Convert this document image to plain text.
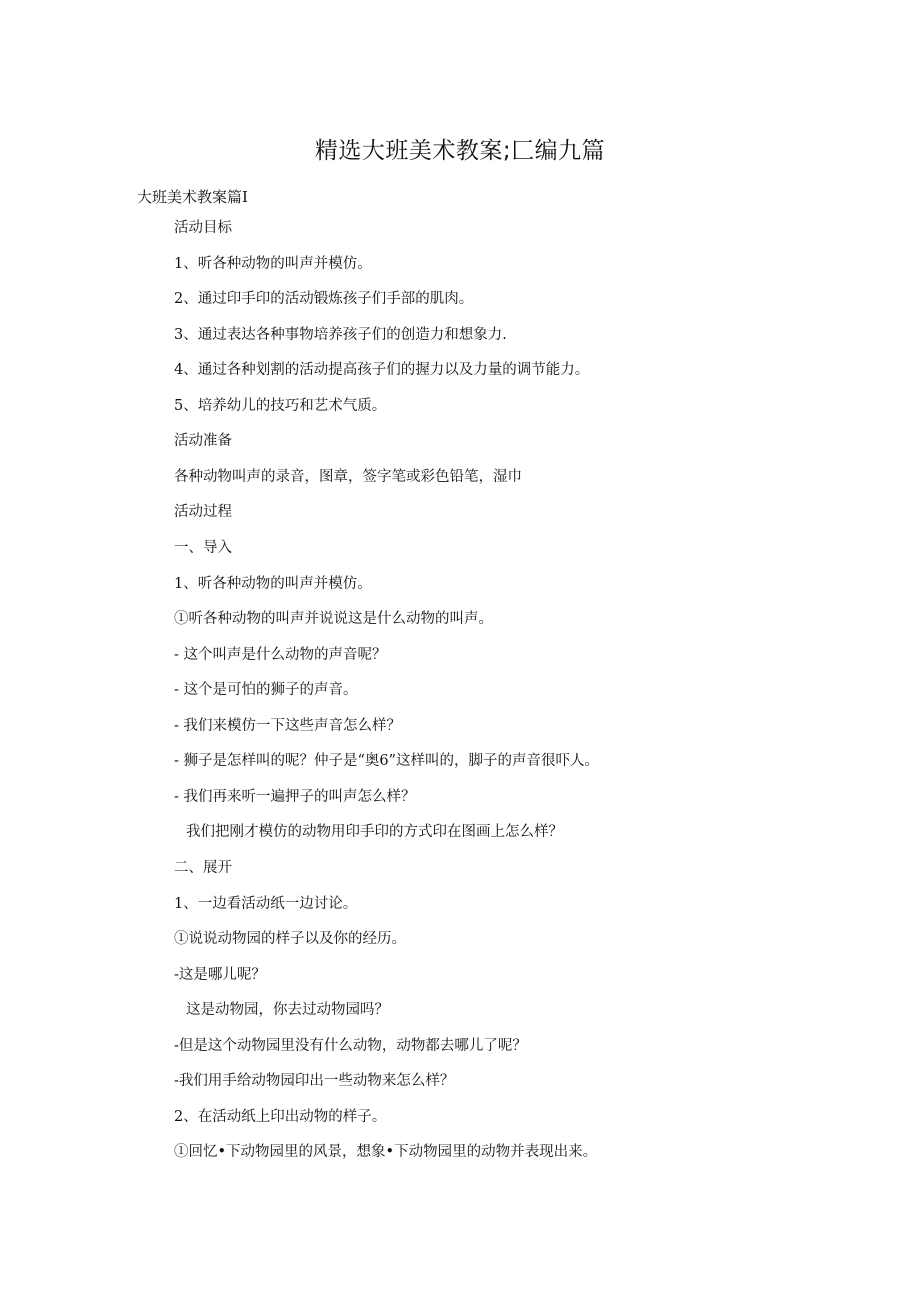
精选大班美术教案;匚编九篇
大班美术教案篇I
活动目标
1、听各种动物的叫声并模仿。
2、通过印手印的活动锻炼孩子们手部的肌肉。
3、通过表达各种事物培养孩子们的创造力和想象力.
4、通过各种划割的活动提高孩子们的握力以及力量的调节能力。
5、培养幼儿的技巧和艺术气质。
活动准备
各种动物叫声的录音，图章，签字笔或彩色铅笔，湿巾
活动过程
一、导入
1、听各种动物的叫声并模仿。
①听各种动物的叫声并说说这是什么动物的叫声。
- 这个叫声是什么动物的声音呢？
- 这个是可怕的狮子的声音。
- 我们来模仿一下这些声音怎么样？
- 狮子是怎样叫的呢？仲子是“奥6”这样叫的，脚子的声音很吓人。
- 我们再来听一遍押子的叫声怎么样？
我们把刚才模仿的动物用印手印的方式印在图画上怎么样？
二、展开
1、一边看活动纸一边讨论。
①说说动物园的样子以及你的经历。
-这是哪儿呢？
这是动物园，你去过动物园吗？
-但是这个动物园里没有什么动物，动物都去哪儿了呢？
-我们用手给动物园印出一些动物来怎么样？
2、在活动纸上印出动物的样子。
①回忆•下动物园里的风景，想象•下动物园里的动物并表现出来。
